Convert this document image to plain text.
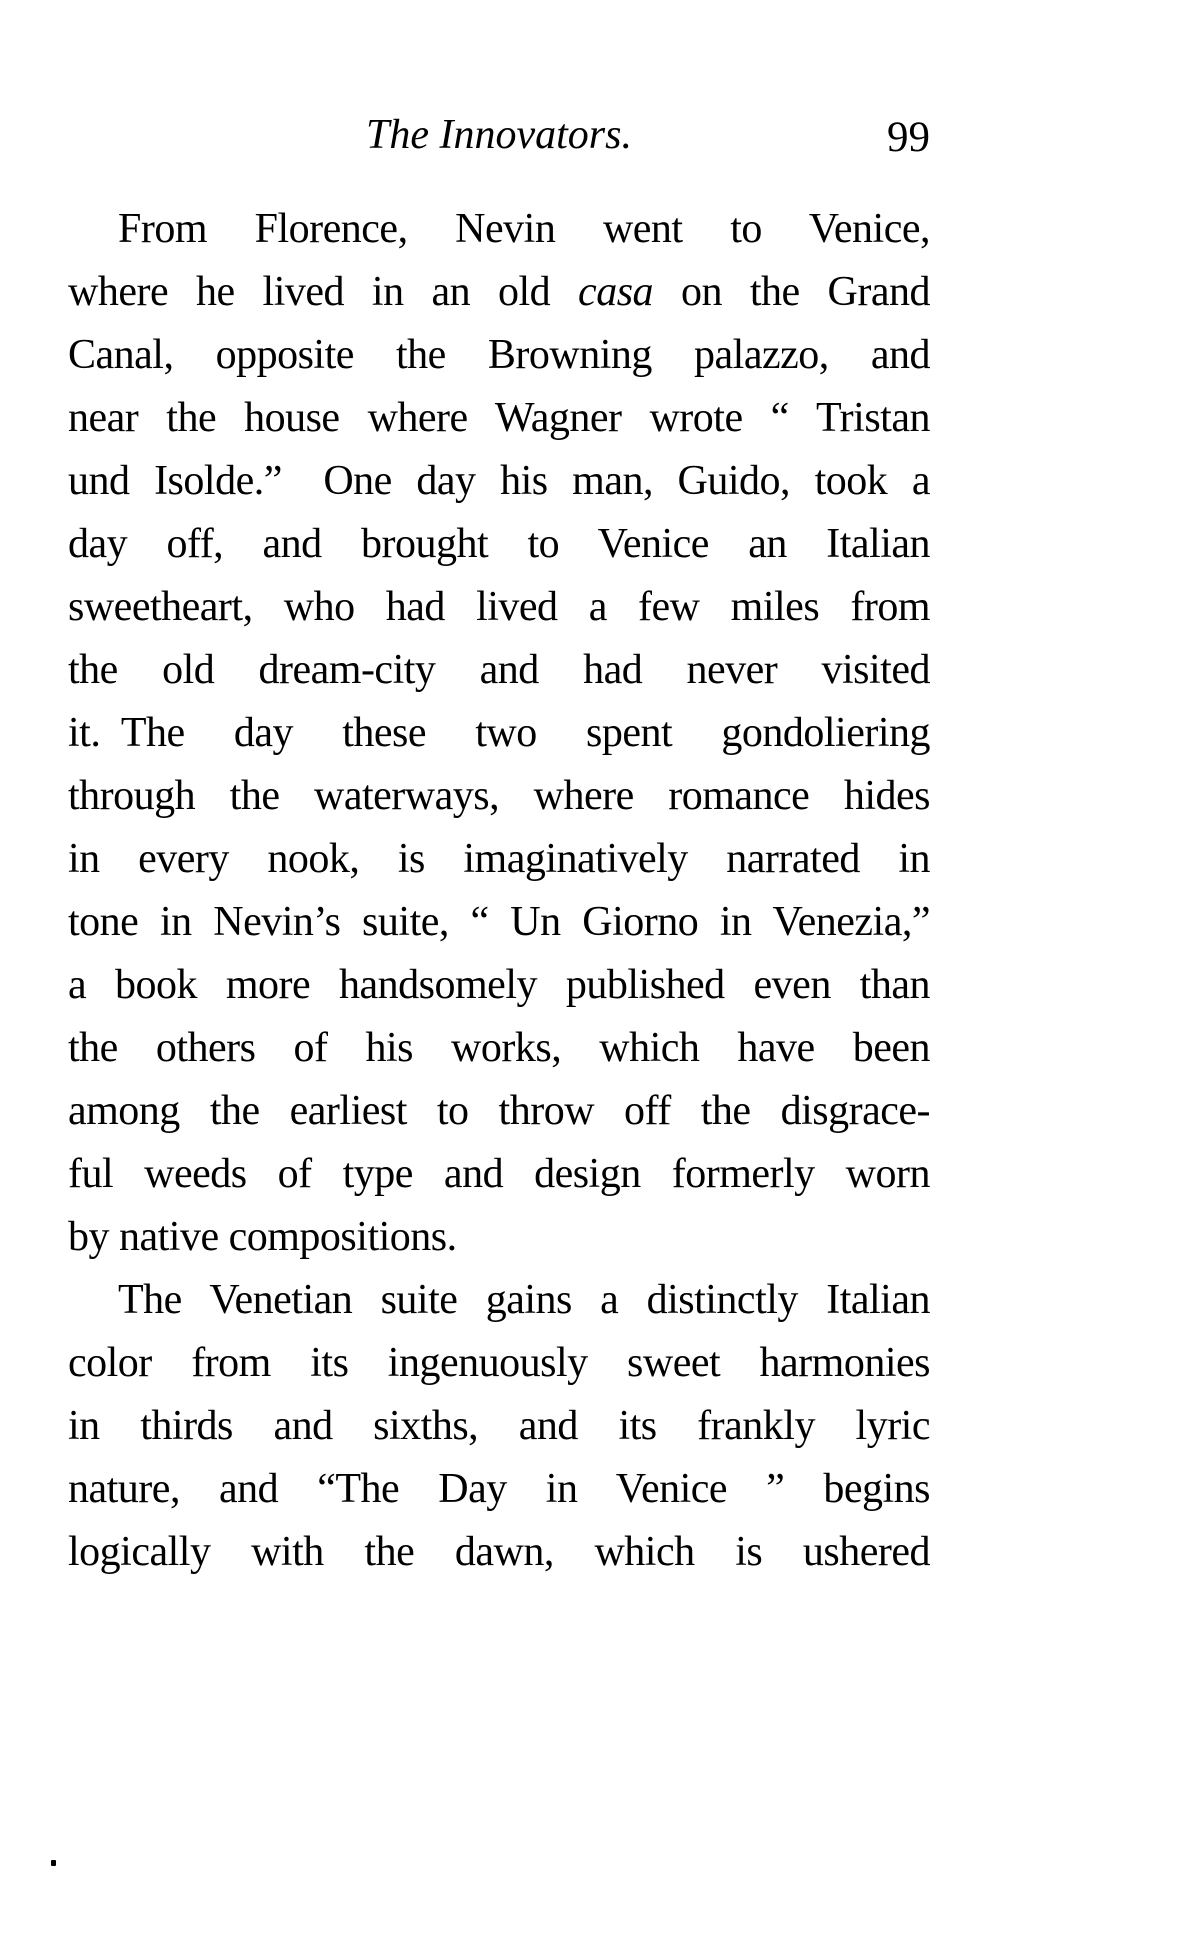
The Innovators.	99
From Florence, Nevin went to Venice,
where he lived in an old casa on the Grand
Canal, opposite the Browning palazzo, and
near the house where Wagner wrote “ Tristan
und Isolde.” One day his man, Guido, took a
day off, and brought to Venice an Italian
sweetheart, who had lived a few miles from
the old dream-city and had never visited
it. The day these two spent gondoliering
through the waterways, where romance hides
in every nook, is imaginatively narrated in
tone in Nevin’s suite, “ Un Giorno in Venezia,”
a book more handsomely published even than
the others of his works, which have been
among the earliest to throw off the disgrace-
ful weeds of type and design formerly worn
by native compositions.
The Venetian suite gains a distinctly Italian
color from its ingenuously sweet harmonies
in thirds and sixths, and its frankly lyric
nature, and “The Day in Venice ” begins
logically with the dawn, which is ushered
